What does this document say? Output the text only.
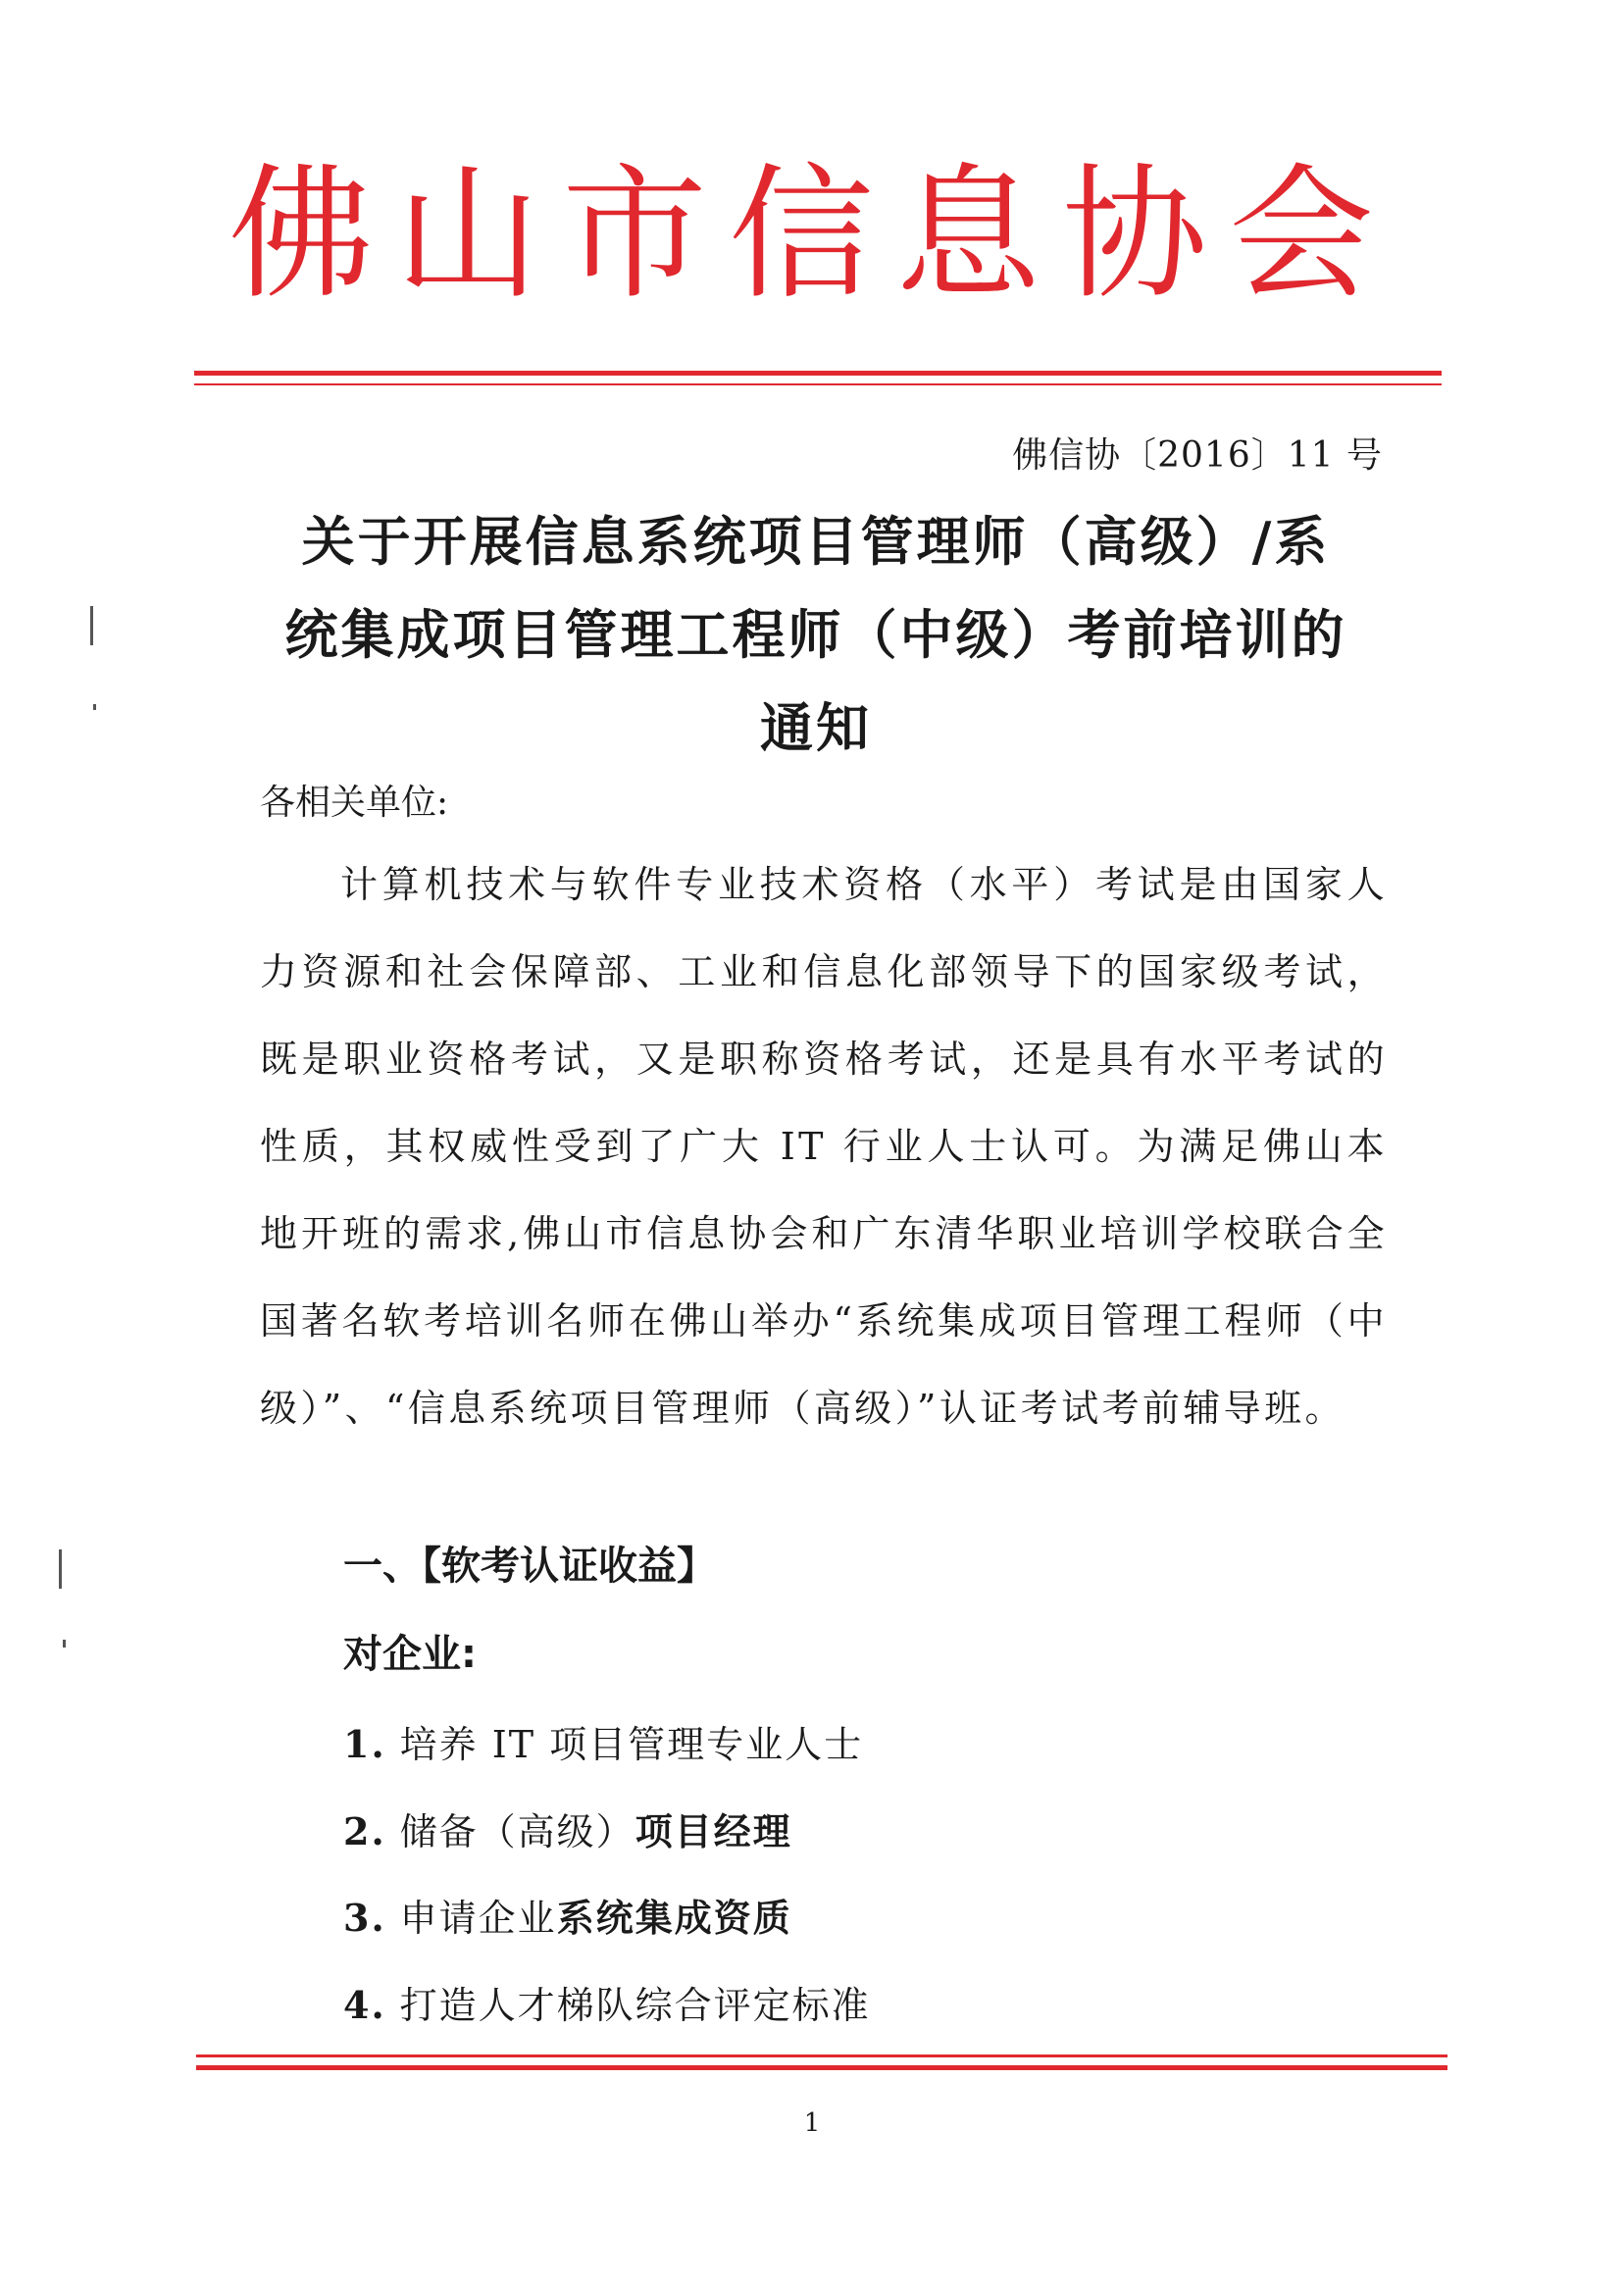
佛山市信息协会
佛信协〔2016〕11 号
关于开展信息系统项目管理师（高级）/系
统集成项目管理工程师（中级）考前培训的
通知
各相关单位:
计算机技术与软件专业技术资格（水平）考试是由国家人力资源和社会保障部、工业和信息化部领导下的国家级考试，既是职业资格考试，又是职称资格考试，还是具有水平考试的性质，其权威性受到了广大 IT 行业人士认可。为满足佛山本地开班的需求,佛山市信息协会和广东清华职业培训学校联合全国著名软考培训名师在佛山举办“系统集成项目管理工程师（中级）”、“信息系统项目管理师（高级）”认证考试考前辅导班。
一、【软考认证收益】
对企业:
1. 培养 IT 项目管理专业人士
2. 储备（高级）项目经理
3. 申请企业系统集成资质
4. 打造人才梯队综合评定标准
1
